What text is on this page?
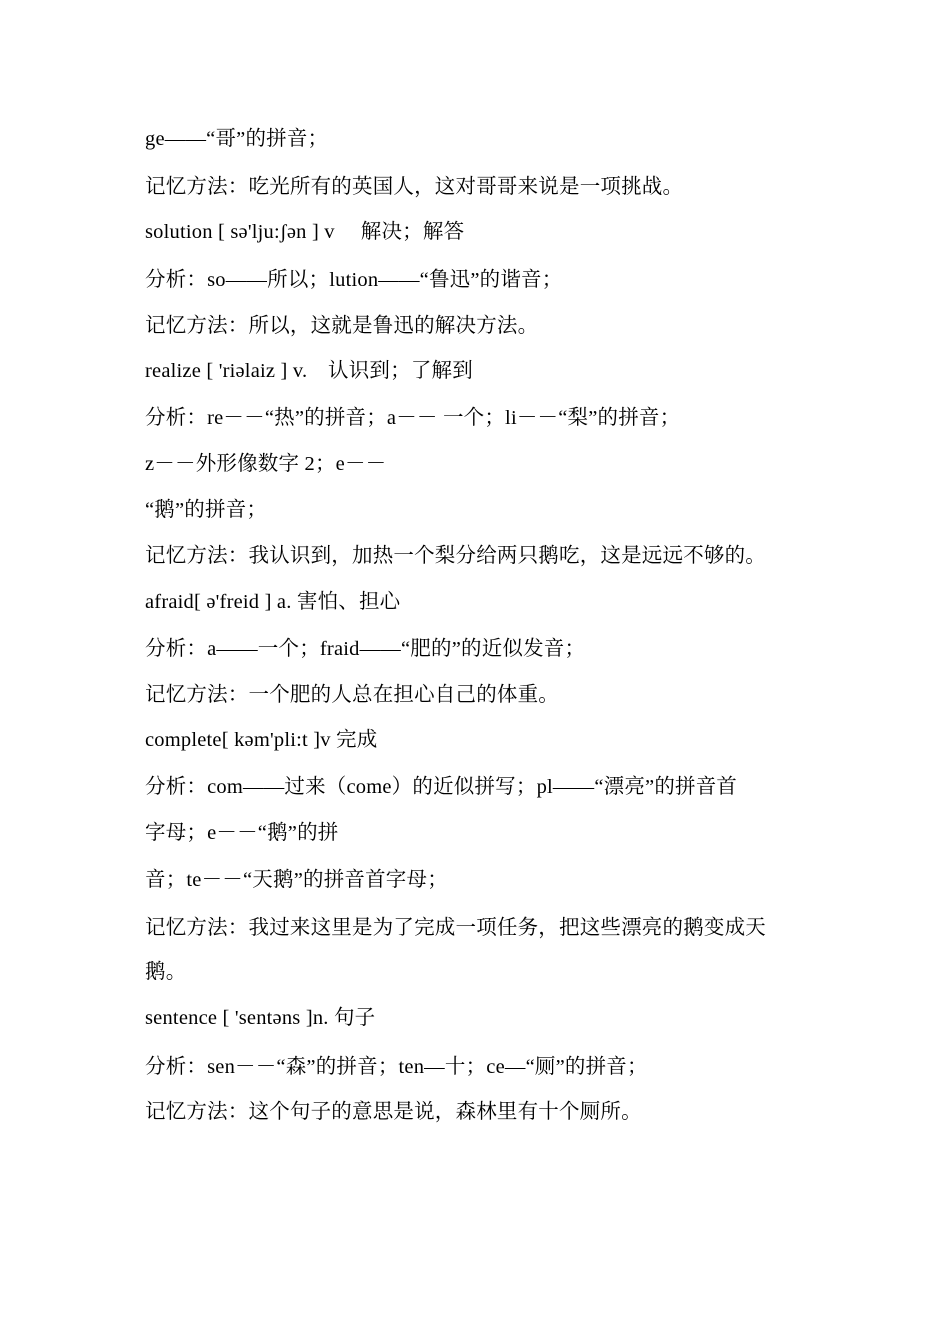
ge——“哥”的拼音；
记忆方法：吃光所有的英国人，这对哥哥来说是一项挑战。
solution [ sə'lju:ʃən ] v　 解决；解答
分析：so——所以；lution——“鲁迅”的谐音；
记忆方法：所以，这就是鲁迅的解决方法。
realize [ 'riəlaiz ] v.　认识到；了解到
分析：re－－“热”的拼音；a－－ 一个；li－－“梨”的拼音；
z－－外形像数字 2；e－－
“鹅”的拼音；
记忆方法：我认识到，加热一个梨分给两只鹅吃，这是远远不够的。
afraid[ ə'freid ] a. 害怕、担心
分析：a——一个；fraid——“肥的”的近似发音；
记忆方法：一个肥的人总在担心自己的体重。
complete[ kəm'pli:t ]v 完成
分析：com——过来（come）的近似拼写；pl——“漂亮”的拼音首
字母；e－－“鹅”的拼
音；te－－“天鹅”的拼音首字母；
记忆方法：我过来这里是为了完成一项任务，把这些漂亮的鹅变成天
鹅。
sentence [ 'sentəns ]n. 句子
分析：sen－－“森”的拼音；ten—十；ce—“厕”的拼音；
记忆方法：这个句子的意思是说，森林里有十个厕所。
